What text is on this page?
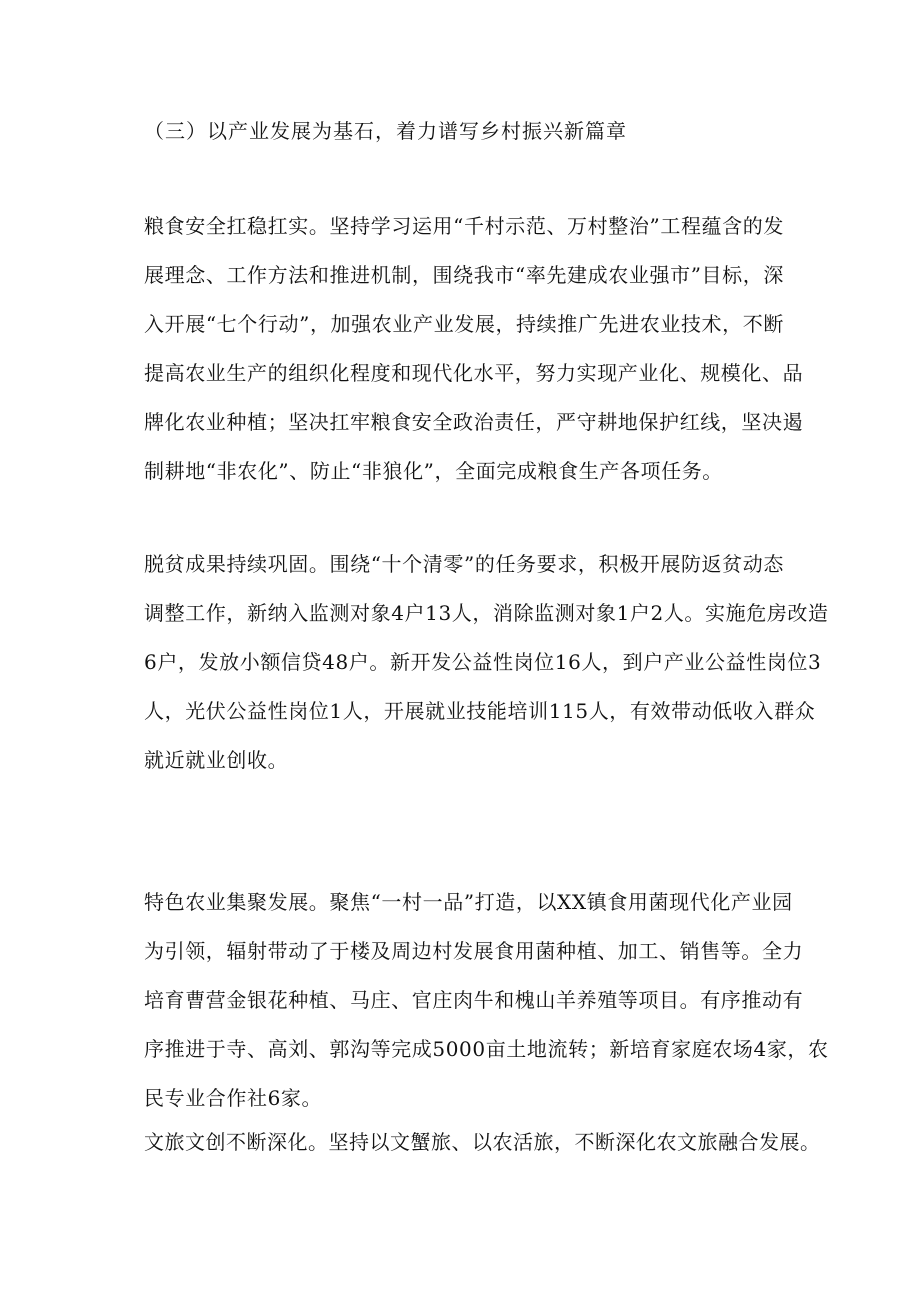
（三）以产业发展为基石，着力谱写乡村振兴新篇章

粮食安全扛稳扛实。坚持学习运用“千村示范、万村整治”工程蕴含的发
展理念、工作方法和推进机制，围绕我市“率先建成农业强市”目标，深
入开展“七个行动”，加强农业产业发展，持续推广先进农业技术，不断
提高农业生产的组织化程度和现代化水平，努力实现产业化、规模化、品
牌化农业种植；坚决扛牢粮食安全政治责任，严守耕地保护红线，坚决遏
制耕地“非农化”、防止“非狼化”，全面完成粮食生产各项任务。

脱贫成果持续巩固。围绕“十个清零”的任务要求，积极开展防返贫动态
调整工作，新纳入监测对象4户13人，消除监测对象1户2人。实施危房改造
6户，发放小额信贷48户。新开发公益性岗位16人，到户产业公益性岗位3
人，光伏公益性岗位1人，开展就业技能培训115人，有效带动低收入群众
就近就业创收。

特色农业集聚发展。聚焦“一村一品”打造，以XX镇食用菌现代化产业园
为引领，辐射带动了于楼及周边村发展食用菌种植、加工、销售等。全力
培育曹营金银花种植、马庄、官庄肉牛和槐山羊养殖等项目。有序推动有
序推进于寺、高刘、郭沟等完成5000亩土地流转；新培育家庭农场4家，农
民专业合作社6家。

文旅文创不断深化。坚持以文蟹旅、以农活旅，不断深化农文旅融合发展。
